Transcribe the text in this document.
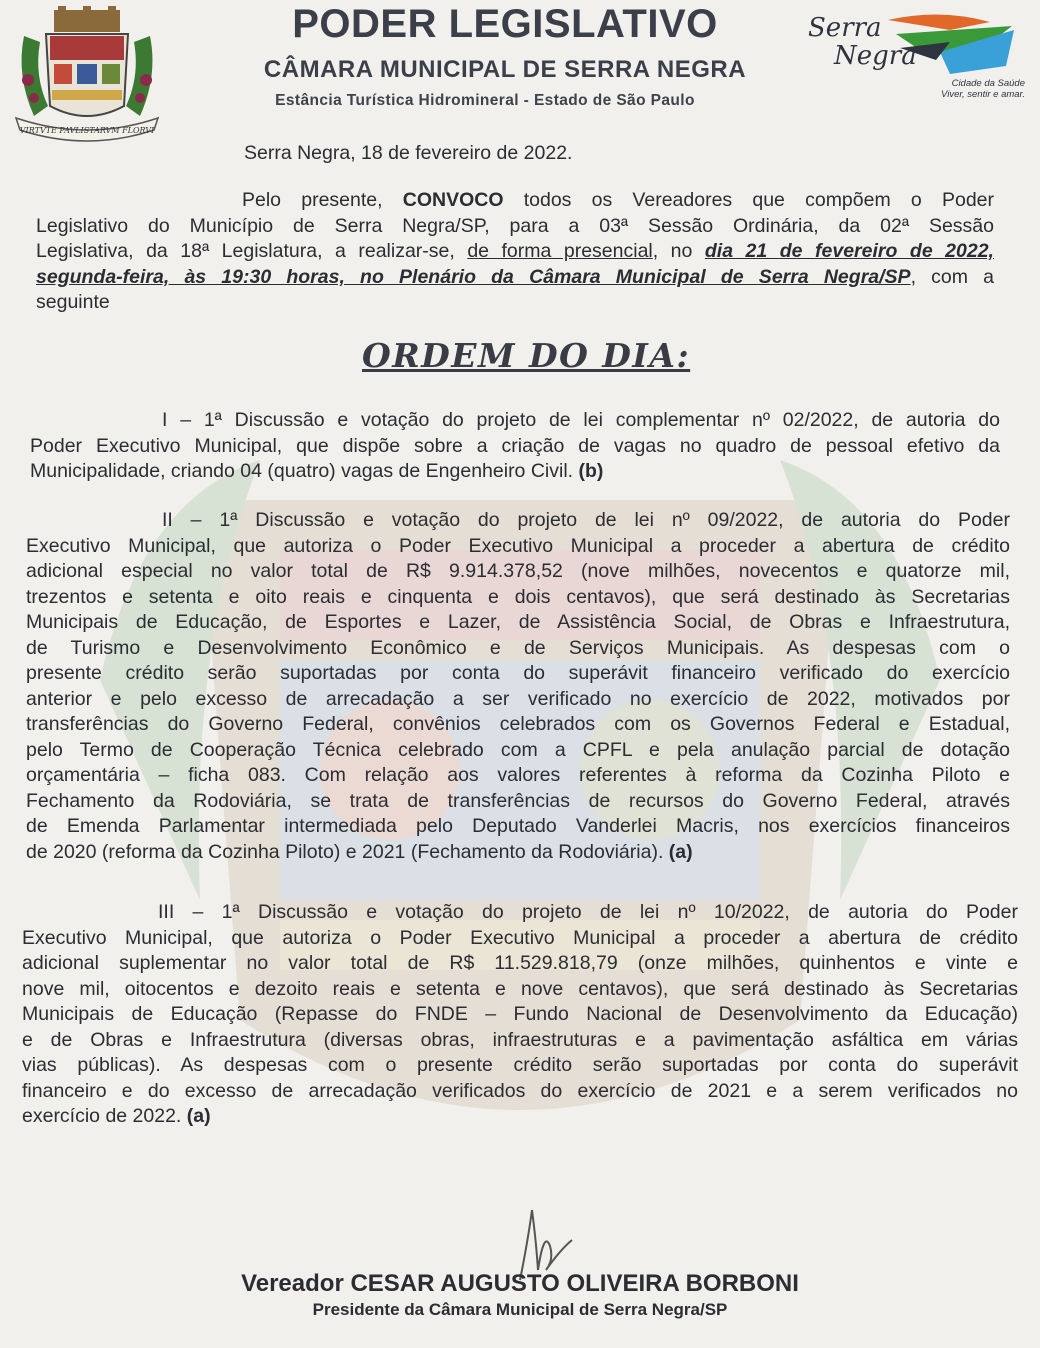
VIRTVTE PAVLISTARVM FLORVI
PODER LEGISLATIVO
CÂMARA MUNICIPAL DE SERRA NEGRA
Estância Turística Hidromineral - Estado de São Paulo
Serra
Negra
Cidade da Saúde
Viver, sentir e amar.
Serra Negra, 18 de fevereiro de 2022.
Pelo presente, CONVOCO todos os Vereadores que compõem o Poder
Legislativo do Município de Serra Negra/SP, para a 03ª Sessão Ordinária, da 02ª Sessão
Legislativa, da 18ª Legislatura, a realizar-se, de forma presencial, no dia 21 de fevereiro de 2022,
segunda-feira, às 19:30 horas, no Plenário da Câmara Municipal de Serra Negra/SP, com a
seguinte
ORDEM DO DIA:
I – 1ª Discussão e votação do projeto de lei complementar nº 02/2022, de autoria do
Poder Executivo Municipal, que dispõe sobre a criação de vagas no quadro de pessoal efetivo da
Municipalidade, criando 04 (quatro) vagas de Engenheiro Civil. (b)
II – 1ª Discussão e votação do projeto de lei nº 09/2022, de autoria do Poder
Executivo Municipal, que autoriza o Poder Executivo Municipal a proceder a abertura de crédito
adicional especial no valor total de R$ 9.914.378,52 (nove milhões, novecentos e quatorze mil,
trezentos e setenta e oito reais e cinquenta e dois centavos), que será destinado às Secretarias
Municipais de Educação, de Esportes e Lazer, de Assistência Social, de Obras e Infraestrutura,
de Turismo e Desenvolvimento Econômico e de Serviços Municipais. As despesas com o
presente crédito serão suportadas por conta do superávit financeiro verificado do exercício
anterior e pelo excesso de arrecadação a ser verificado no exercício de 2022, motivados por
transferências do Governo Federal, convênios celebrados com os Governos Federal e Estadual,
pelo Termo de Cooperação Técnica celebrado com a CPFL e pela anulação parcial de dotação
orçamentária – ficha 083. Com relação aos valores referentes à reforma da Cozinha Piloto e
Fechamento da Rodoviária, se trata de transferências de recursos do Governo Federal, através
de Emenda Parlamentar intermediada pelo Deputado Vanderlei Macris, nos exercícios financeiros
de 2020 (reforma da Cozinha Piloto) e 2021 (Fechamento da Rodoviária). (a)
III – 1ª Discussão e votação do projeto de lei nº 10/2022, de autoria do Poder
Executivo Municipal, que autoriza o Poder Executivo Municipal a proceder a abertura de crédito
adicional suplementar no valor total de R$ 11.529.818,79 (onze milhões, quinhentos e vinte e
nove mil, oitocentos e dezoito reais e setenta e nove centavos), que será destinado às Secretarias
Municipais de Educação (Repasse do FNDE – Fundo Nacional de Desenvolvimento da Educação)
e de Obras e Infraestrutura (diversas obras, infraestruturas e a pavimentação asfáltica em várias
vias públicas). As despesas com o presente crédito serão suportadas por conta do superávit
financeiro e do excesso de arrecadação verificados do exercício de 2021 e a serem verificados no
exercício de 2022. (a)
Vereador CESAR AUGUSTO OLIVEIRA BORBONI
Presidente da Câmara Municipal de Serra Negra/SP
